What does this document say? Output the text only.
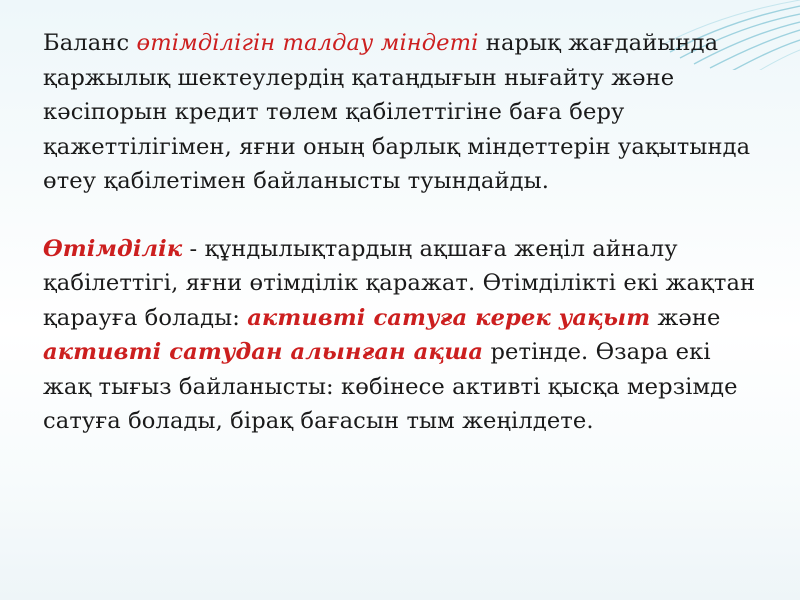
Баланс өтімділігін талдау міндеті нарық жағдайында қаржылық шектеулердің қатаңдығын нығайту және кәсіпорын кредит төлем қабілеттігіне баға беру қажеттілігімен, яғни оның барлық міндеттерін уақытында өтеу қабілетімен байланысты туындайды.

Өтімділік - құндылықтардың ақшаға жеңіл айналу қабілеттігі, яғни өтімділік қаражат. Өтімділікті екі жақтан қарауға болады: активті сатуға керек уақыт және активті сатудан алынған ақша ретінде. Өзара екі жақ тығыз байланысты: көбінесе активті қысқа мерзімде сатуға болады, бірақ бағасын тым жеңілдете.
